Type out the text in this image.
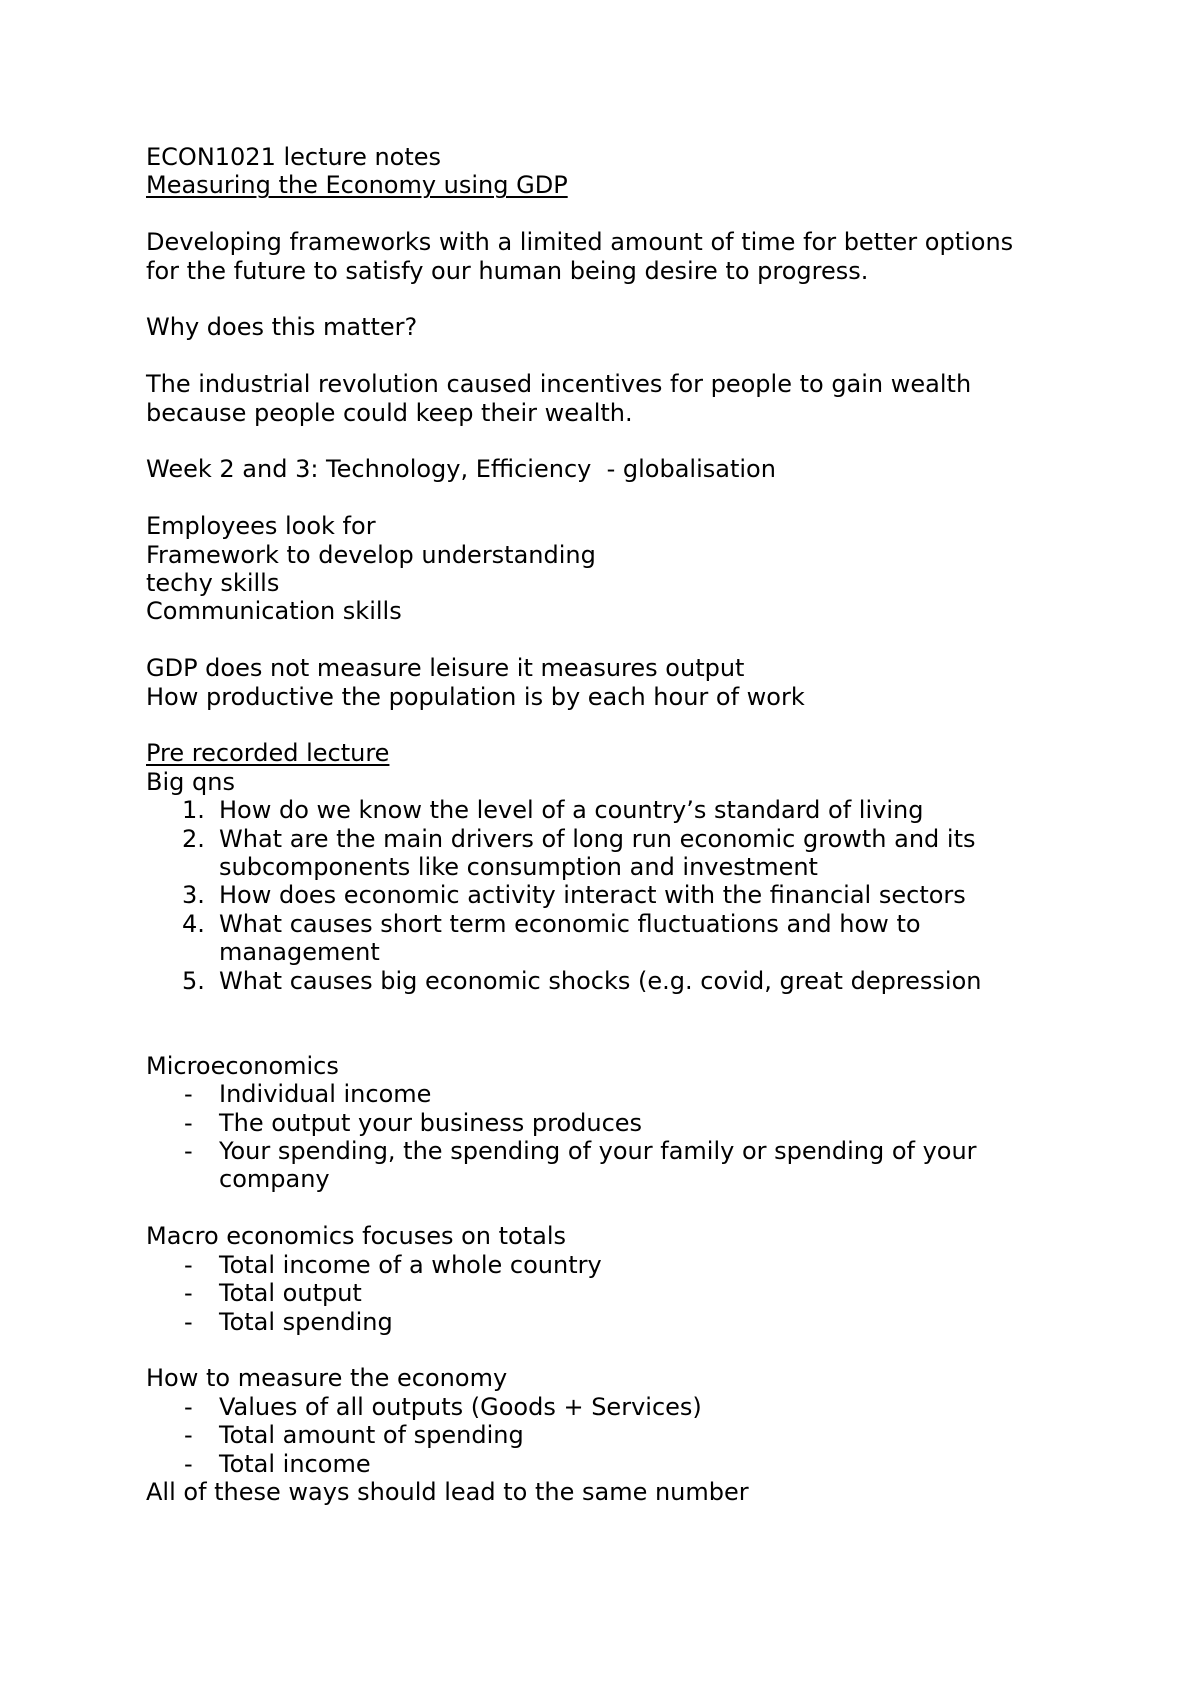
ECON1021 lecture notes
Measuring the Economy using GDP
Developing frameworks with a limited amount of time for better options
for the future to satisfy our human being desire to progress.
Why does this matter?
The industrial revolution caused incentives for people to gain wealth
because people could keep their wealth.
Week 2 and 3: Technology, Efficiency  - globalisation
Employees look for
Framework to develop understanding
techy skills
Communication skills
GDP does not measure leisure it measures output
How productive the population is by each hour of work
Pre recorded lecture
Big qns
1. How do we know the level of a country’s standard of living
2. What are the main drivers of long run economic growth and its subcomponents like consumption and investment
3. How does economic activity interact with the financial sectors
4. What causes short term economic fluctuations and how to management
5. What causes big economic shocks (e.g. covid, great depression
Microeconomics
- Individual income
- The output your business produces
- Your spending, the spending of your family or spending of your company
Macro economics focuses on totals
- Total income of a whole country
- Total output
- Total spending
How to measure the economy
- Values of all outputs (Goods + Services)
- Total amount of spending
- Total income
All of these ways should lead to the same number
